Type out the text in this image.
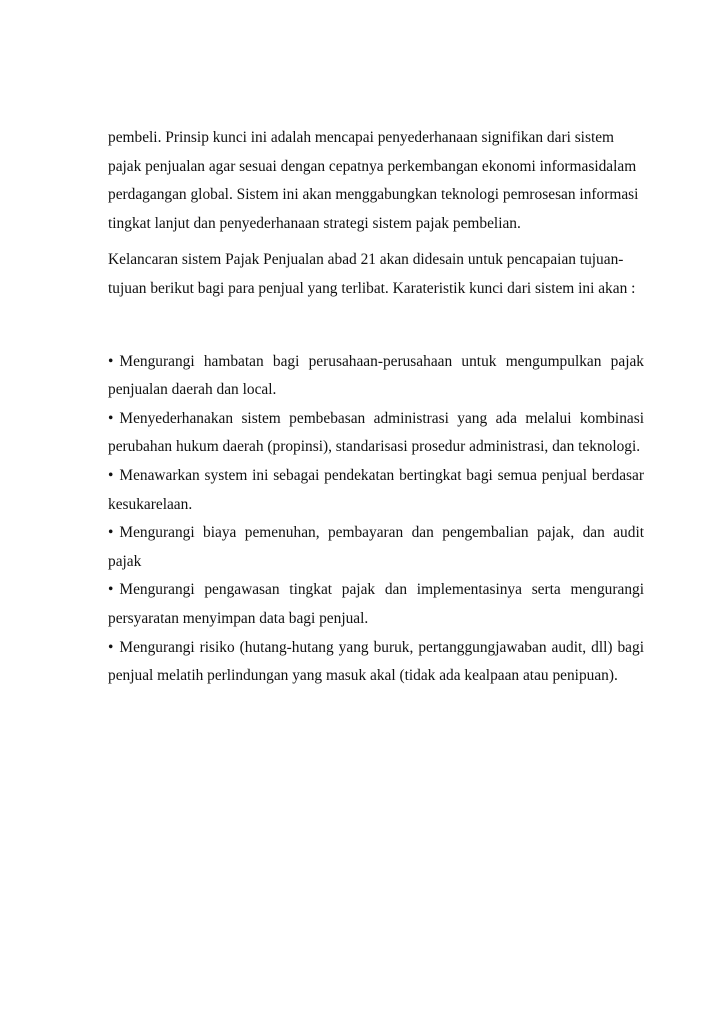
pembeli. Prinsip kunci ini adalah mencapai penyederhanaan signifikan dari sistem pajak penjualan agar sesuai dengan cepatnya perkembangan ekonomi informasidalam perdagangan global. Sistem ini akan menggabungkan teknologi pemrosesan informasi tingkat lanjut dan penyederhanaan strategi sistem pajak pembelian.

Kelancaran sistem Pajak Penjualan abad 21 akan didesain untuk pencapaian tujuan-tujuan berikut bagi para penjual yang terlibat. Karateristik kunci dari sistem ini akan :

• Mengurangi hambatan bagi perusahaan-perusahaan untuk mengumpulkan pajak penjualan daerah dan local.

• Menyederhanakan sistem pembebasan administrasi yang ada melalui kombinasi perubahan hukum daerah (propinsi), standarisasi prosedur administrasi, dan teknologi.

• Menawarkan system ini sebagai pendekatan bertingkat bagi semua penjual berdasar kesukarelaan.

• Mengurangi biaya pemenuhan, pembayaran dan pengembalian pajak, dan audit pajak

• Mengurangi pengawasan tingkat pajak dan implementasinya serta mengurangi persyaratan menyimpan data bagi penjual.

• Mengurangi risiko (hutang-hutang yang buruk, pertanggungjawaban audit, dll) bagi penjual melatih perlindungan yang masuk akal (tidak ada kealpaan atau penipuan).
